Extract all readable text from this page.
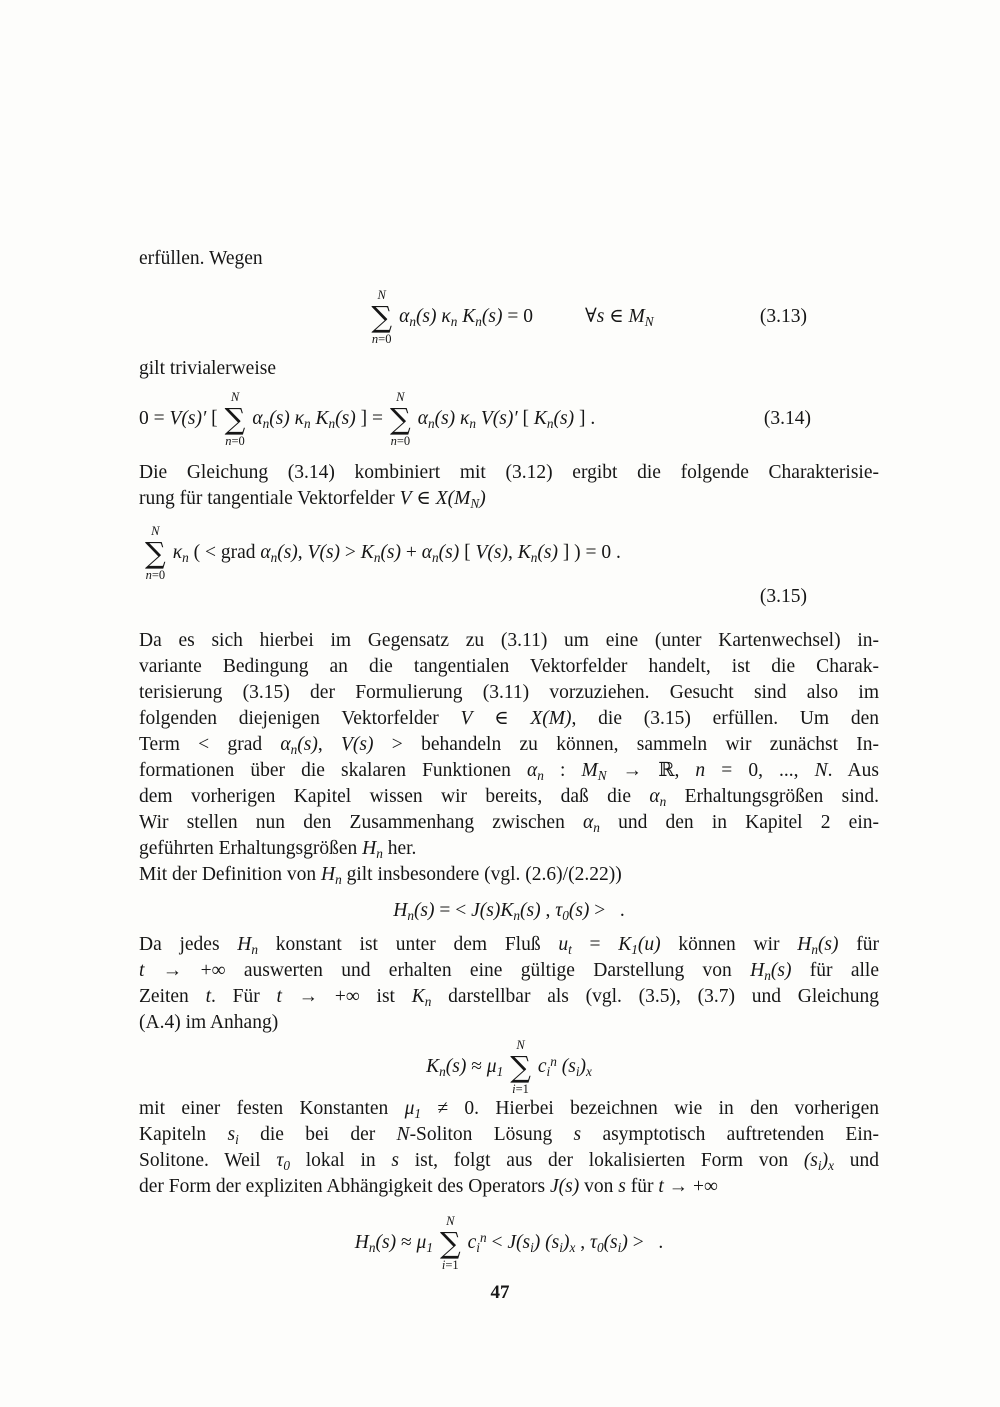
erfüllen. Wegen
N
∑
n=0
$\alpha_n(s)$ $\kappa_n$ $K_n(s) = 0$	∀s ∈ $M_N$	(3.13)
gilt trivialerweise
0 = V(s)′ [
N
∑
n=0
$\alpha_n(s)$ $\kappa_n$ $K_n(s)$ ] =
N
∑
n=0
$\alpha_n(s)$ $\kappa_n$ V(s)′ [ $K_n(s)$ ] .	(3.14)
Die Gleichung (3.14) kombiniert mit (3.12) ergibt die folgende Charakterisie-
rung für tangentiale Vektorfelder V ∈ $X(M_N)$
N
∑
n=0
$\kappa_n$ ( < grad $\alpha_n(s)$, $V(s) > K_n(s) + \alpha_n(s)$ [ V(s), $K_n(s)$ ] ) = 0 .
(3.15)
Da es sich hierbei im Gegensatz zu (3.11) um eine (unter Kartenwechsel) in-
variante Bedingung an die tangentialen Vektorfelder handelt, ist die Charak-
terisierung (3.15) der Formulierung (3.11) vorzuziehen. Gesucht sind also im
folgenden diejenigen Vektorfelder V ∈ X(M), die (3.15) erfüllen. Um den
Term < grad $\alpha_n(s)$, V(s) > behandeln zu können, sammeln wir zunächst In-
formationen über die skalaren Funktionen $\alpha_n$ : $M_N$ → ℝ, n = 0, ..., N. Aus
dem vorherigen Kapitel wissen wir bereits, daß die $\alpha_n$ Erhaltungsgrößen sind.
Wir stellen nun den Zusammenhang zwischen $\alpha_n$ und den in Kapitel 2 ein-
geführten Erhaltungsgrößen $H_n$ her.
Mit der Definition von $H_n$ gilt insbesondere (vgl. (2.6)/(2.22))
$H_n(s)$ = < $J(s)K_n(s)$ , $\tau_0(s)$ >   .
Da jedes $H_n$ konstant ist unter dem Fluß $u_t = K_1(u)$ können wir $H_n(s)$ für
t → +∞ auswerten und erhalten eine gültige Darstellung von $H_n(s)$ für alle
Zeiten t. Für t → +∞ ist $K_n$ darstellbar als (vgl. (3.5), (3.7) und Gleichung
(A.4) im Anhang)
$K_n(s) \approx \mu_1$
N
∑
i=1
$c_i^n$ $(s_i)_x$
mit einer festen Konstanten $\mu_1 \ne 0$. Hierbei bezeichnen wie in den vorherigen
Kapiteln $s_i$ die bei der N-Soliton Lösung s asymptotisch auftretenden Ein-
Solitone. Weil $\tau_0$ lokal in s ist, folgt aus der lokalisierten Form von $(s_i)_x$ und
der Form der expliziten Abhängigkeit des Operators J(s) von s für t → +∞
$H_n(s) \approx \mu_1$
N
∑
i=1
$c_i^n < J(s_i)$ $(s_i)_x$ , $\tau_0(s_i)$ >   .
47
